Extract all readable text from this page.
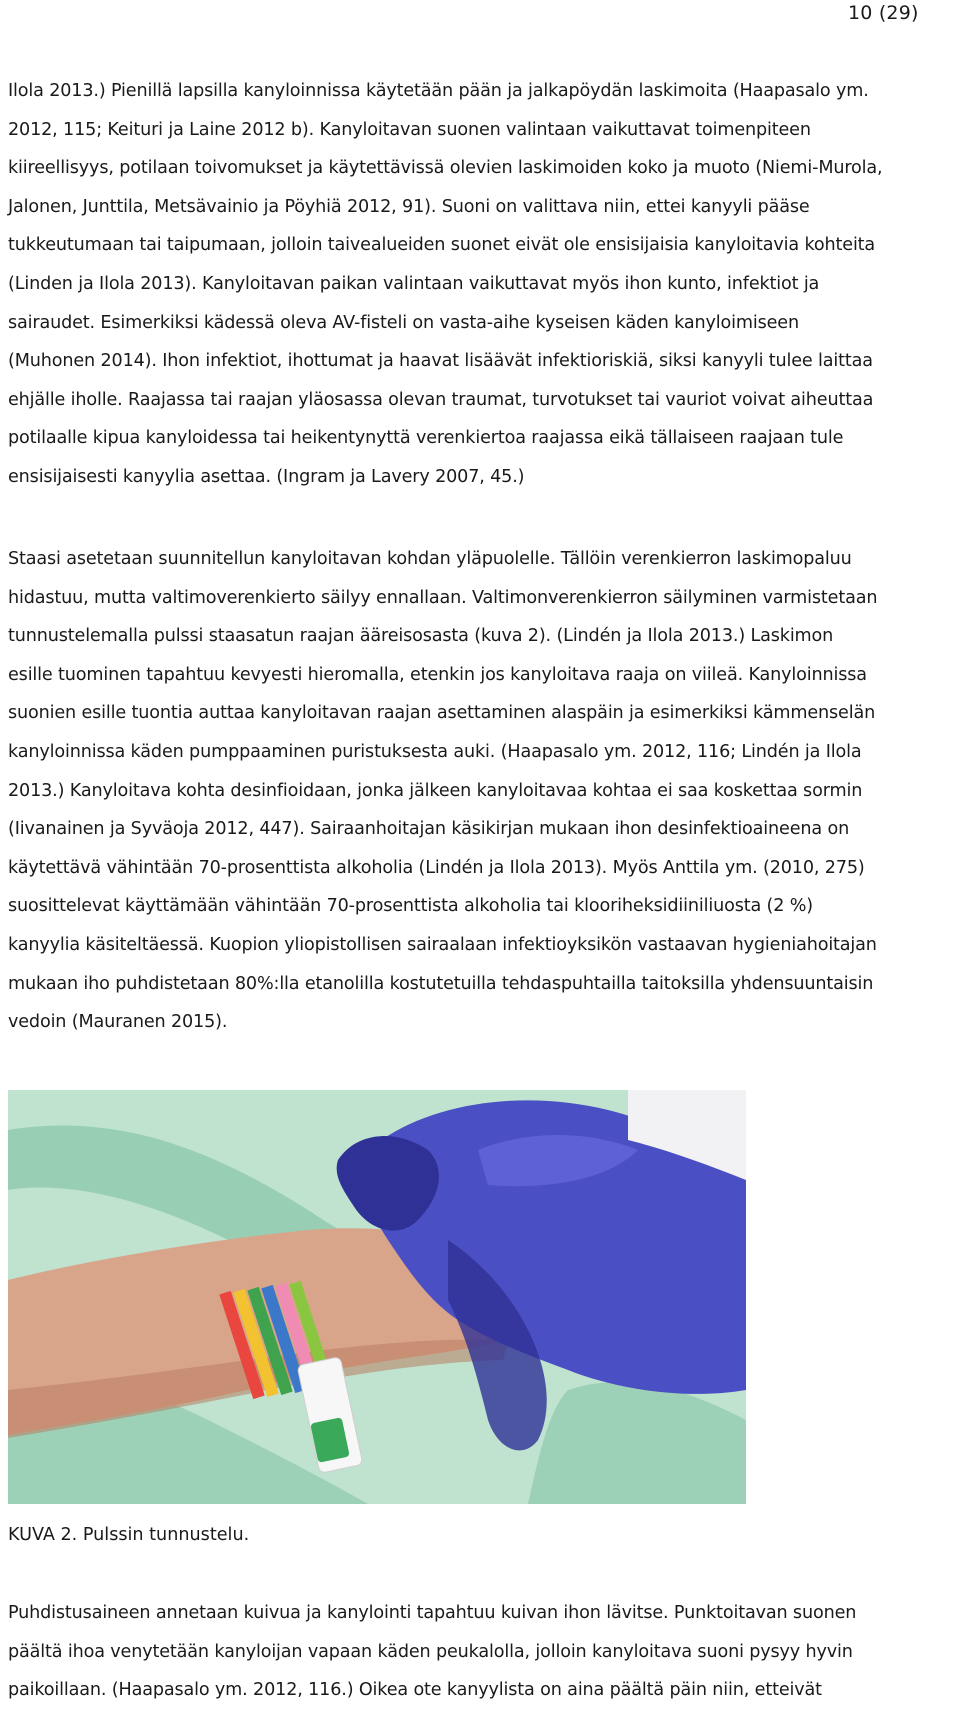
10 (29)

Ilola 2013.) Pienillä lapsilla kanyloinnissa käytetään pään ja jalkapöydän laskimoita (Haapasalo ym.
2012, 115; Keituri ja Laine 2012 b). Kanyloitavan suonen valintaan vaikuttavat toimenpiteen
kiireellisyys, potilaan toivomukset ja käytettävissä olevien laskimoiden koko ja muoto (Niemi-Murola,
Jalonen, Junttila, Metsävainio ja Pöyhiä 2012, 91). Suoni on valittava niin, ettei kanyyli pääse
tukkeutumaan tai taipumaan, jolloin taivealueiden suonet eivät ole ensisijaisia kanyloitavia kohteita
(Linden ja Ilola 2013). Kanyloitavan paikan valintaan vaikuttavat myös ihon kunto, infektiot ja
sairaudet. Esimerkiksi kädessä oleva AV-fisteli on vasta-aihe kyseisen käden kanyloimiseen
(Muhonen 2014). Ihon infektiot, ihottumat ja haavat lisäävät infektioriskiä, siksi kanyyli tulee laittaa
ehjälle iholle. Raajassa tai raajan yläosassa olevan traumat, turvotukset tai vauriot voivat aiheuttaa
potilaalle kipua kanyloidessa tai heikentynyttä verenkiertoa raajassa eikä tällaiseen raajaan tule
ensisijaisesti kanyylia asettaa. (Ingram ja Lavery 2007, 45.)

Staasi asetetaan suunnitellun kanyloitavan kohdan yläpuolelle. Tällöin verenkierron laskimopaluu
hidastuu, mutta valtimoverenkierto säilyy ennallaan. Valtimonverenkierron säilyminen varmistetaan
tunnustelemalla pulssi staasatun raajan ääreisosasta (kuva 2). (Lindén ja Ilola 2013.) Laskimon
esille tuominen tapahtuu kevyesti hieromalla, etenkin jos kanyloitava raaja on viileä. Kanyloinnissa
suonien esille tuontia auttaa kanyloitavan raajan asettaminen alaspäin ja esimerkiksi kämmenselän
kanyloinnissa käden pumppaaminen puristuksesta auki. (Haapasalo ym. 2012, 116; Lindén ja Ilola
2013.) Kanyloitava kohta desinfioidaan, jonka jälkeen kanyloitavaa kohtaa ei saa koskettaa sormin
(Iivanainen ja Syväoja 2012, 447). Sairaanhoitajan käsikirjan mukaan ihon desinfektioaineena on
käytettävä vähintään 70-prosenttista alkoholia (Lindén ja Ilola 2013). Myös Anttila ym. (2010, 275)
suosittelevat käyttämään vähintään 70-prosenttista alkoholia tai klooriheksidiiniliuosta (2 %)
kanyylia käsiteltäessä. Kuopion yliopistollisen sairaalaan infektioyksikön vastaavan hygieniahoitajan
mukaan iho puhdistetaan 80%:lla etanolilla kostutetuilla tehdaspuhtailla taitoksilla yhdensuuntaisin
vedoin (Mauranen 2015).

KUVA 2. Pulssin tunnustelu.

Puhdistusaineen annetaan kuivua ja kanylointi tapahtuu kuivan ihon lävitse. Punktoitavan suonen
päältä ihoa venytetään kanyloijan vapaan käden peukalolla, jolloin kanyloitava suoni pysyy hyvin
paikoillaan. (Haapasalo ym. 2012, 116.) Oikea ote kanyylista on aina päältä päin niin, etteivät
